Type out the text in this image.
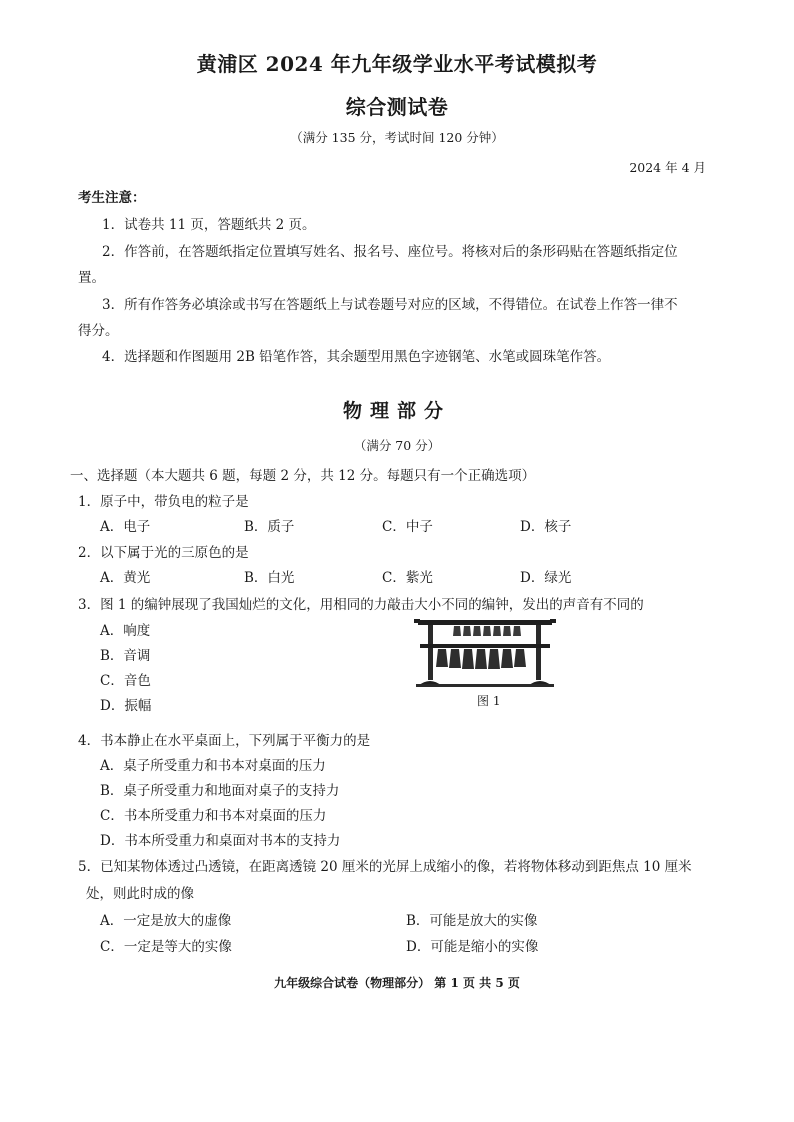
黄浦区 2024 年九年级学业水平考试模拟考
综合测试卷
（满分 135 分，考试时间 120 分钟）
2024 年 4 月
考生注意：
1．试卷共 11 页，答题纸共 2 页。
2．作答前，在答题纸指定位置填写姓名、报名号、座位号。将核对后的条形码贴在答题纸指定位
置。
3．所有作答务必填涂或书写在答题纸上与试卷题号对应的区域，不得错位。在试卷上作答一律不
得分。
4．选择题和作图题用 2B 铅笔作答，其余题型用黑色字迹钢笔、水笔或圆珠笔作答。
物理部分
（满分 70 分）
一、选择题（本大题共 6 题，每题 2 分，共 12 分。每题只有一个正确选项）
1．原子中，带负电的粒子是
A．电子	B．质子	C．中子	D．核子
2．以下属于光的三原色的是
A．黄光	B．白光	C．紫光	D．绿光
3．图 1 的编钟展现了我国灿烂的文化，用相同的力敲击大小不同的编钟，发出的声音有不同的
A．响度
B．音调
C．音色
D．振幅	图 1
4．书本静止在水平桌面上，下列属于平衡力的是
A．桌子所受重力和书本对桌面的压力
B．桌子所受重力和地面对桌子的支持力
C．书本所受重力和书本对桌面的压力
D．书本所受重力和桌面对书本的支持力
5．已知某物体透过凸透镜，在距离透镜 20 厘米的光屏上成缩小的像，若将物体移动到距焦点 10 厘米
处，则此时成的像
A．一定是放大的虚像	B．可能是放大的实像
C．一定是等大的实像	D．可能是缩小的实像
九年级综合试卷（物理部分） 第 1 页 共 5 页
